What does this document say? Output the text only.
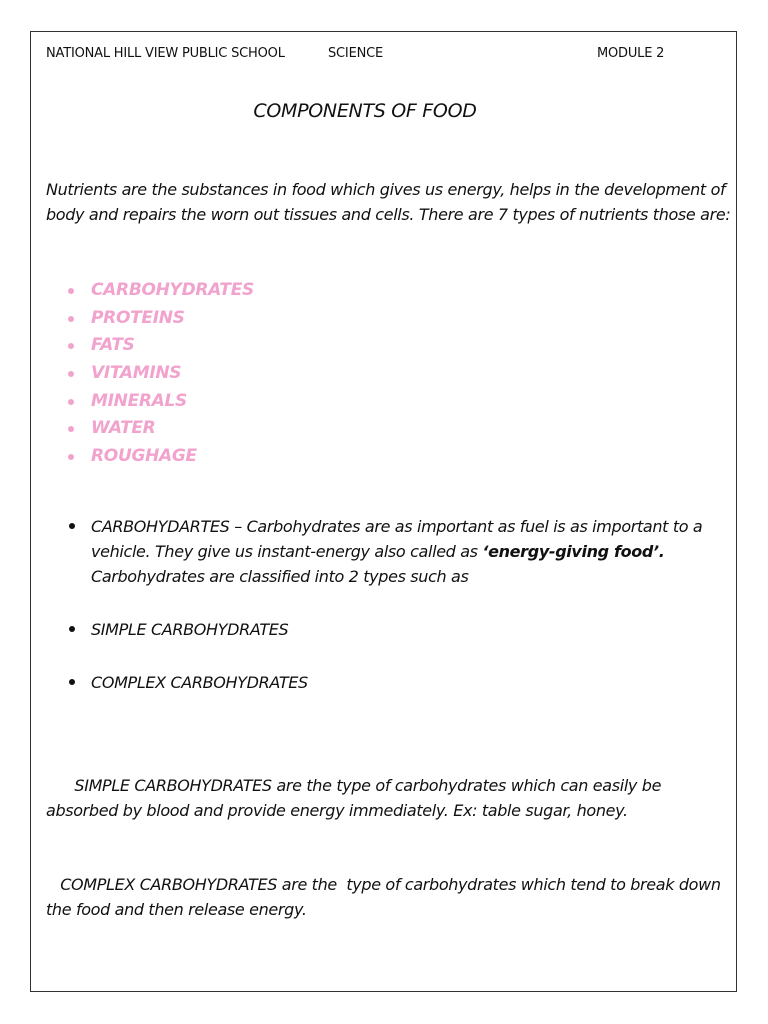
NATIONAL HILL VIEW PUBLIC SCHOOL	SCIENCE	MODULE 2
COMPONENTS OF FOOD

Nutrients are the substances in food which gives us energy, helps in the development of body and repairs the worn out tissues and cells. There are 7 types of nutrients those are:

CARBOHYDRATES
PROTEINS
FATS
VITAMINS
MINERALS
WATER
ROUGHAGE
CARBOHYDARTES – Carbohydrates are as important as fuel is as important to a vehicle. They give us instant-energy also called as ‘energy-giving food’. Carbohydrates are classified into 2 types such as
SIMPLE CARBOHYDRATES
COMPLEX CARBOHYDRATES

SIMPLE CARBOHYDRATES are the type of carbohydrates which can easily be absorbed by blood and provide energy immediately. Ex: table sugar, honey.

COMPLEX CARBOHYDRATES are the  type of carbohydrates which tend to break down the food and then release energy.
